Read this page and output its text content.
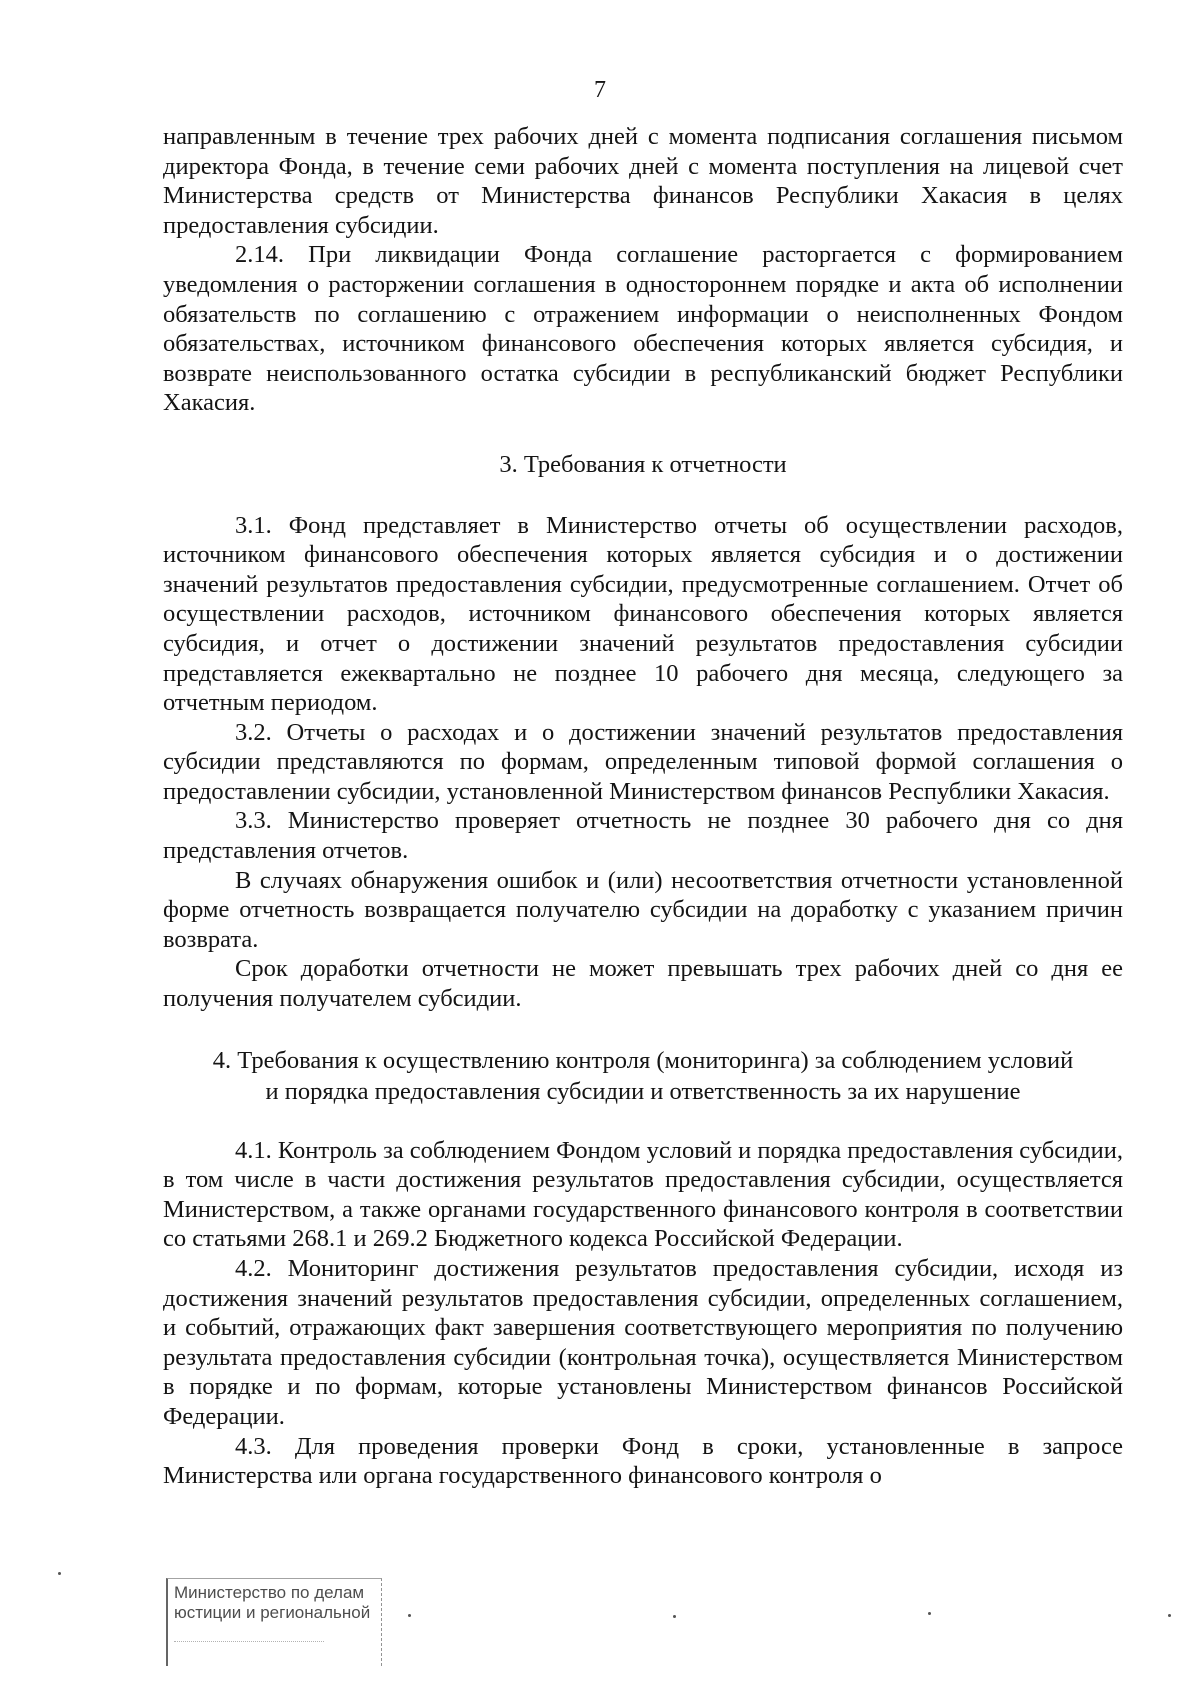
7

направленным в течение трех рабочих дней с момента подписания соглашения письмом директора Фонда, в течение семи рабочих дней с момента поступления на лицевой счет Министерства средств от Министерства финансов Республики Хакасия в целях предоставления субсидии.

2.14. При ликвидации Фонда соглашение расторгается с формированием уведомления о расторжении соглашения в одностороннем порядке и акта об исполнении обязательств по соглашению с отражением информации о неисполненных Фондом обязательствах, источником финансового обеспечения которых является субсидия, и возврате неиспользованного остатка субсидии в республиканский бюджет Республики Хакасия.

3. Требования к отчетности

3.1. Фонд представляет в Министерство отчеты об осуществлении расходов, источником финансового обеспечения которых является субсидия и о достижении значений результатов предоставления субсидии, предусмотренные соглашением. Отчет об осуществлении расходов, источником финансового обеспечения которых является субсидия, и отчет о достижении значений результатов предоставления субсидии представляется ежеквартально не позднее 10 рабочего дня месяца, следующего за отчетным периодом.

3.2. Отчеты о расходах и о достижении значений результатов предоставления субсидии представляются по формам, определенным типовой формой соглашения о предоставлении субсидии, установленной Министерством финансов Республики Хакасия.

3.3. Министерство проверяет отчетность не позднее 30 рабочего дня со дня представления отчетов.

В случаях обнаружения ошибок и (или) несоответствия отчетности установленной форме отчетность возвращается получателю субсидии на доработку с указанием причин возврата.

Срок доработки отчетности не может превышать трех рабочих дней со дня ее получения получателем субсидии.

4. Требования к осуществлению контроля (мониторинга) за соблюдением условий
и порядка предоставления субсидии и ответственность за их нарушение

4.1. Контроль за соблюдением Фондом условий и порядка предоставления субсидии, в том числе в части достижения результатов предоставления субсидии, осуществляется Министерством, а также органами государственного финансового контроля в соответствии со статьями 268.1 и 269.2 Бюджетного кодекса Российской Федерации.

4.2. Мониторинг достижения результатов предоставления субсидии, исходя из достижения значений результатов предоставления субсидии, определенных соглашением, и событий, отражающих факт завершения соответствующего мероприятия по получению результата предоставления субсидии (контрольная точка), осуществляется Министерством в порядке и по формам, которые установлены Министерством финансов Российской Федерации.

4.3. Для проведения проверки Фонд в сроки, установленные в запросе Министерства или органа государственного финансового контроля о

Министерство по делам
юстиции и региональной
